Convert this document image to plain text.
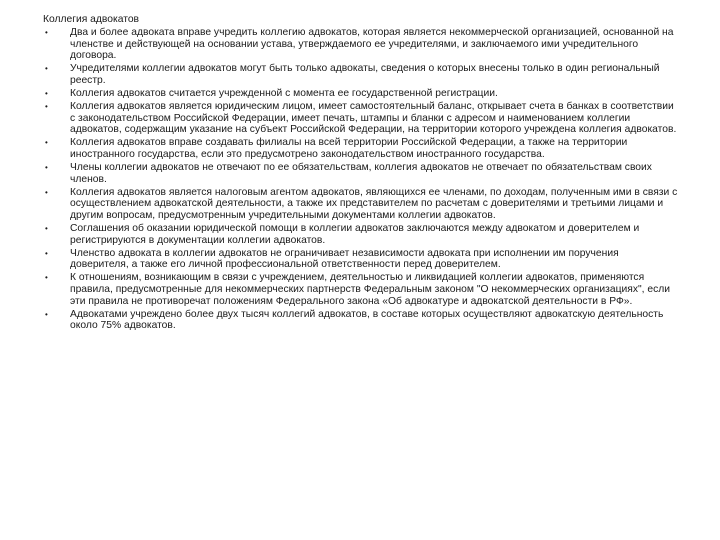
Коллегия адвокатов
• Два и более адвоката вправе учредить коллегию адвокатов, которая является некоммерческой организацией, основанной на членстве и действующей на основании устава, утверждаемого ее учредителями, и заключаемого ими учредительного договора.
• Учредителями коллегии адвокатов могут быть только адвокаты, сведения о которых внесены только в один региональный реестр.
• Коллегия адвокатов считается учрежденной с момента ее государственной регистрации.
• Коллегия адвокатов является юридическим лицом, имеет самостоятельный баланс, открывает счета в банках в соответствии с законодательством Российской Федерации, имеет печать, штампы и бланки с адресом и наименованием коллегии адвокатов, содержащим указание на субъект Российской Федерации, на территории которого учреждена коллегия адвокатов.
• Коллегия адвокатов вправе создавать филиалы на всей территории Российской Федерации, а также на территории иностранного государства, если это предусмотрено законодательством иностранного государства.
• Члены коллегии адвокатов не отвечают по ее обязательствам, коллегия адвокатов не отвечает по обязательствам своих членов.
• Коллегия адвокатов является налоговым агентом адвокатов, являющихся ее членами, по доходам, полученным ими в связи с осуществлением адвокатской деятельности, а также их представителем по расчетам с доверителями и третьими лицами и другим вопросам, предусмотренным учредительными документами коллегии адвокатов.
• Соглашения об оказании юридической помощи в коллегии адвокатов заключаются между адвокатом и доверителем и регистрируются в документации коллегии адвокатов.
• Членство адвоката в коллегии адвокатов не ограничивает независимости адвоката при исполнении им поручения доверителя, а также его личной профессиональной ответственности перед доверителем.
• К отношениям, возникающим в связи с учреждением, деятельностью и ликвидацией коллегии адвокатов, применяются правила, предусмотренные для некоммерческих партнерств Федеральным законом "О некоммерческих организациях", если эти правила не противоречат положениям Федерального закона «Об адвокатуре и адвокатской деятельности в РФ».
• Адвокатами учреждено более двух тысяч коллегий адвокатов, в составе которых осуществляют адвокатскую деятельность около 75% адвокатов.
